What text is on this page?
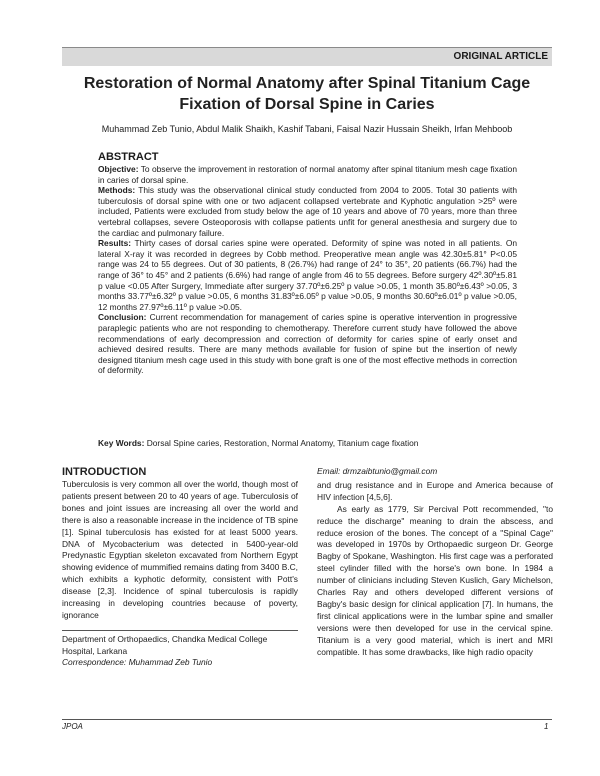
ORIGINAL ARTICLE
Restoration of Normal Anatomy after Spinal Titanium Cage Fixation of Dorsal Spine in Caries
Muhammad Zeb Tunio, Abdul Malik Shaikh, Kashif Tabani, Faisal Nazir Hussain Sheikh, Irfan Mehboob
ABSTRACT

Objective: To observe the improvement in restoration of normal anatomy after spinal titanium mesh cage fixation in caries of dorsal spine.

Methods: This study was the observational clinical study conducted from 2004 to 2005. Total 30 patients with tuberculosis of dorsal spine with one or two adjacent collapsed vertebrate and Kyphotic angulation >25º were included, Patients were excluded from study below the age of 10 years and above of 70 years, more than three vertebral collapses, severe Osteoporosis with collapse patients unfit for general anesthesia and surgery due to the cardiac and pulmonary failure.

Results: Thirty cases of dorsal caries spine were operated. Deformity of spine was noted in all patients. On lateral X-ray it was recorded in degrees by Cobb method. Preoperative mean angle was 42.30±5.81° P<0.05 range was 24 to 55 degrees. Out of 30 patients, 8 (26.7%) had range of 24° to 35°, 20 patients (66.7%) had the range of 36° to 45° and 2 patients (6.6%) had range of angle from 46 to 55 degrees. Before surgery 42º.30º±5.81 p value <0.05 After Surgery, Immediate after surgery 37.70º±6.25º p value >0.05, 1 month 35.80º±6.43º >0.05, 3 months 33.77º±6.32º p value >0.05, 6 months 31.83º±6.05º p value >0.05, 9 months 30.60º±6.01º p value >0.05, 12 months 27.97º±6.11º p value >0.05.

Conclusion: Current recommendation for management of caries spine is operative intervention in progressive paraplegic patients who are not responding to chemotherapy. Therefore current study have followed the above recommendations of early decompression and correction of deformity for caries spine of early onset and achieved desired results. There are many methods available for fusion of spine but the insertion of newly designed titanium mesh cage used in this study with bone graft is one of the most effective methods in correction of deformity.

Key Words: Dorsal Spine caries, Restoration, Normal Anatomy, Titanium cage fixation
INTRODUCTION

Tuberculosis is very common all over the world, though most of patients present between 20 to 40 years of age. Tuberculosis of bones and joint issues are increasing all over the world and there is also a reasonable increase in the incidence of TB spine [1]. Spinal tuberculosis has existed for at least 5000 years. DNA of Mycobacterium was detected in 5400-year-old Predynastic Egyptian skeleton excavated from Northern Egypt showing evidence of mummified remains dating from 3400 B.C, which exhibits a kyphotic deformity, consistent with Pott's disease [2,3]. Incidence of spinal tuberculosis is rapidly increasing in developing countries because of poverty, ignorance

Department of Orthopaedics, Chandka Medical College Hospital, Larkana
Correspondence: Muhammad Zeb Tunio
Email: drmzaibtunio@gmail.com

and drug resistance and in Europe and America because of HIV infection [4,5,6].

As early as 1779, Sir Percival Pott recommended, "to reduce the discharge" meaning to drain the abscess, and reduce erosion of the bones. The concept of a "Spinal Cage" was developed in 1970s by Orthopaedic surgeon Dr. George Bagby of Spokane, Washington. His first cage was a perforated steel cylinder filled with the horse's own bone. In 1984 a number of clinicians including Steven Kuslich, Gary Michelson, Charles Ray and others developed different versions of Bagby's basic design for clinical application [7]. In humans, the first clinical applications were in the lumbar spine and smaller versions were then developed for use in the cervical spine. Titanium is a very good material, which is inert and MRI compatible. It has some drawbacks, like high radio opacity

JPOA	1
